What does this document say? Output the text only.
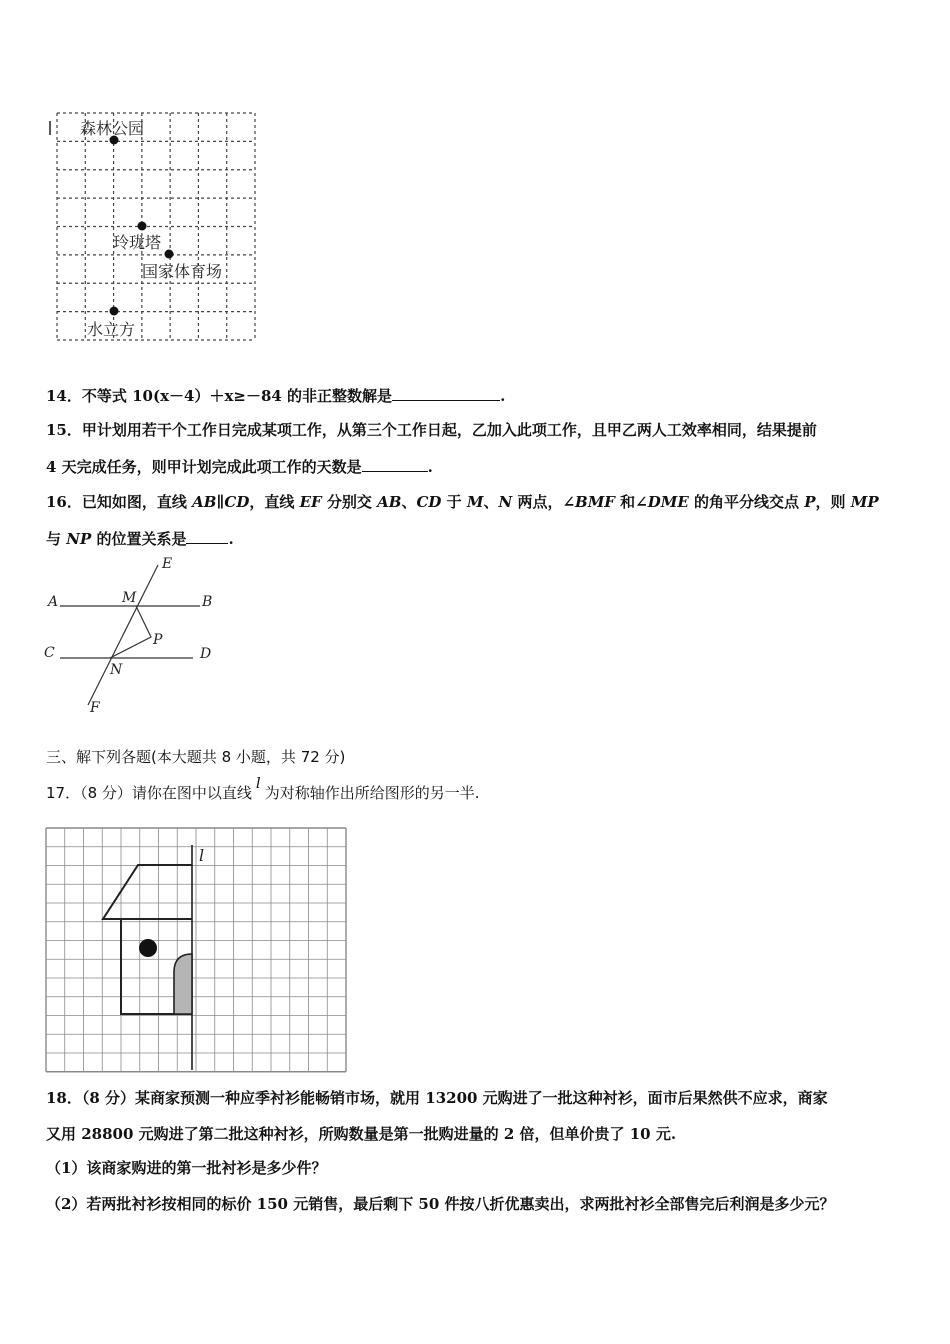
森林公园
玲珑塔
国家体育场
水立方
14．不等式 10(x－4）＋x≥－84 的非正整数解是	.
15．甲计划用若干个工作日完成某项工作，从第三个工作日起，乙加入此项工作，且甲乙两人工效率相同，结果提前
4 天完成任务，则甲计划完成此项工作的天数是	.
16．已知如图，直线 AB∥CD，直线 EF 分别交 AB、CD 于 M、N 两点，∠BMF 和∠DME 的角平分线交点 P，则 MP
与 NP 的位置关系是	.
E
A	M	B
P
C
N
D
F
三、解下列各题(本大题共 8 小题，共 72 分)
17．（8 分）请你在图中以直线l为对称轴作出所给图形的另一半.
l
18．（8 分）某商家预测一种应季衬衫能畅销市场，就用 13200 元购进了一批这种衬衫，面市后果然供不应求，商家
又用 28800 元购进了第二批这种衬衫，所购数量是第一批购进量的 2 倍，但单价贵了 10 元.
（1）该商家购进的第一批衬衫是多少件？
（2）若两批衬衫按相同的标价 150 元销售，最后剩下 50 件按八折优惠卖出，求两批衬衫全部售完后利润是多少元？
